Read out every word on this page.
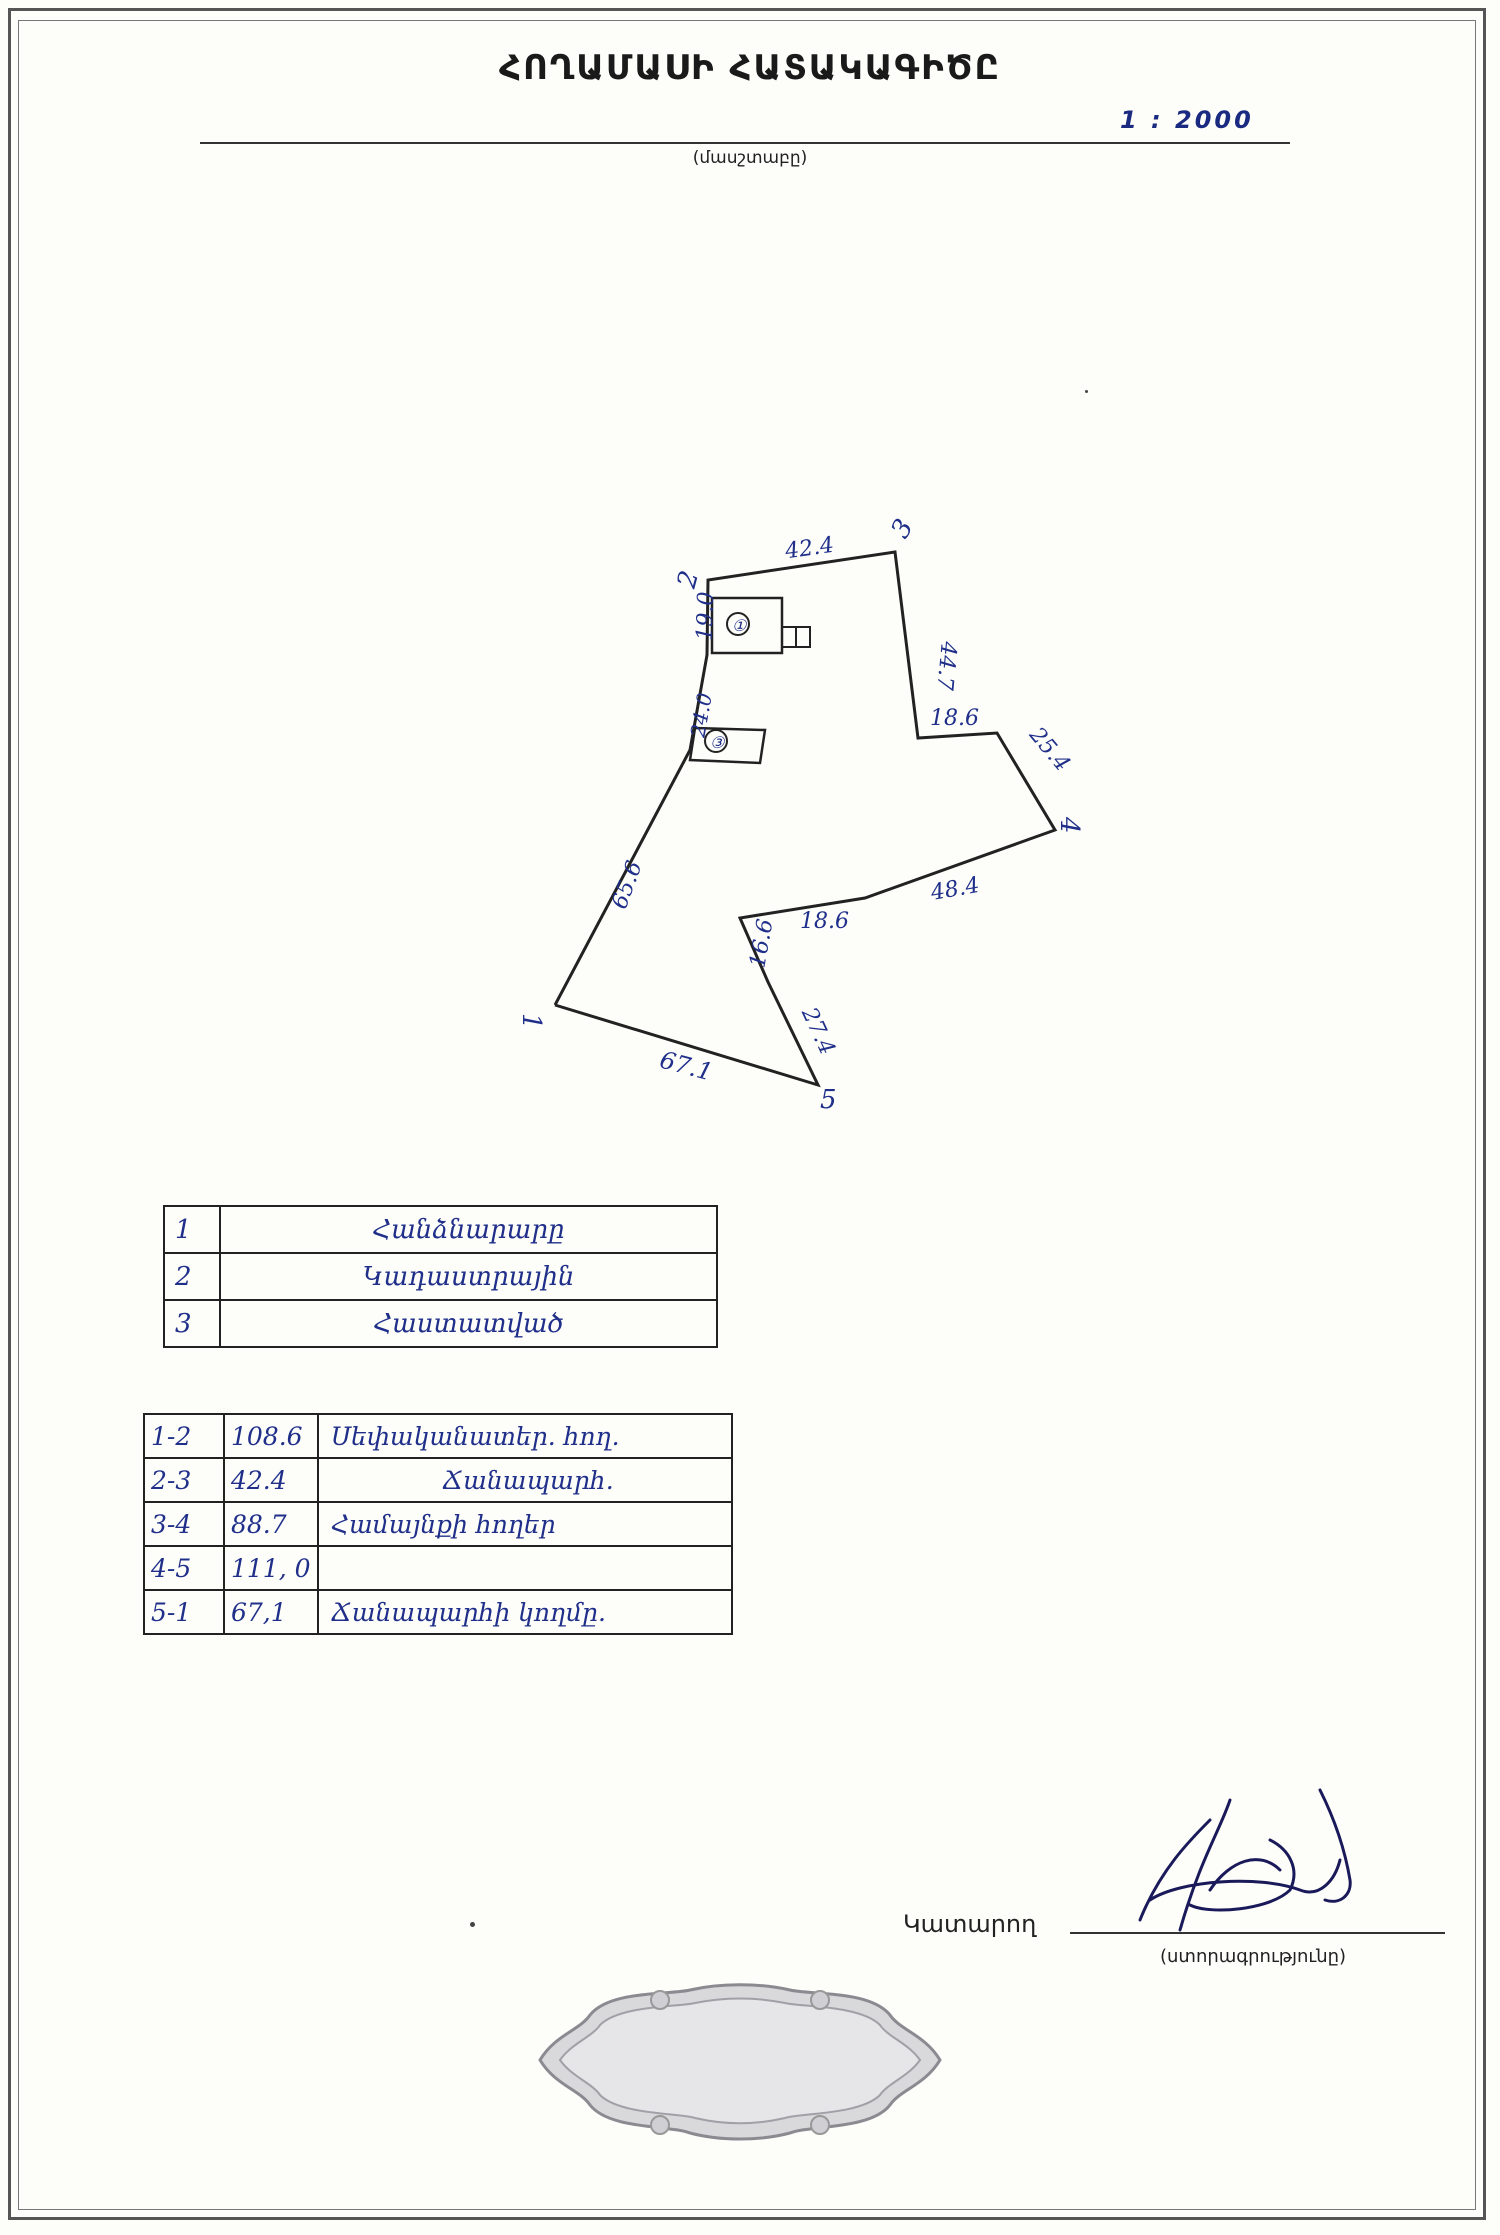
ՀՈՂԱՄԱՍԻ ՀԱՏԱԿԱԳԻԾԸ
1 : 2000
(մասշտաբը)
①
③
1
2
3
4
5
19.0
42.4
44.7
18.6
25.4
48.4
18.6
16.6
27.4
67.1
65.6
24.0
1	Հանձնարարը
2	Կադաստրային
3	Հաստատված
1-2	108.6	Սեփականատեր. հող.
2-3	42.4	Ճանապարհ.
3-4	88.7	Համայնքի հողեր
4-5	111, 0	
5-1	67,1	Ճանապարհի կողմը.
Կատարող
(ստորագրությունը)
